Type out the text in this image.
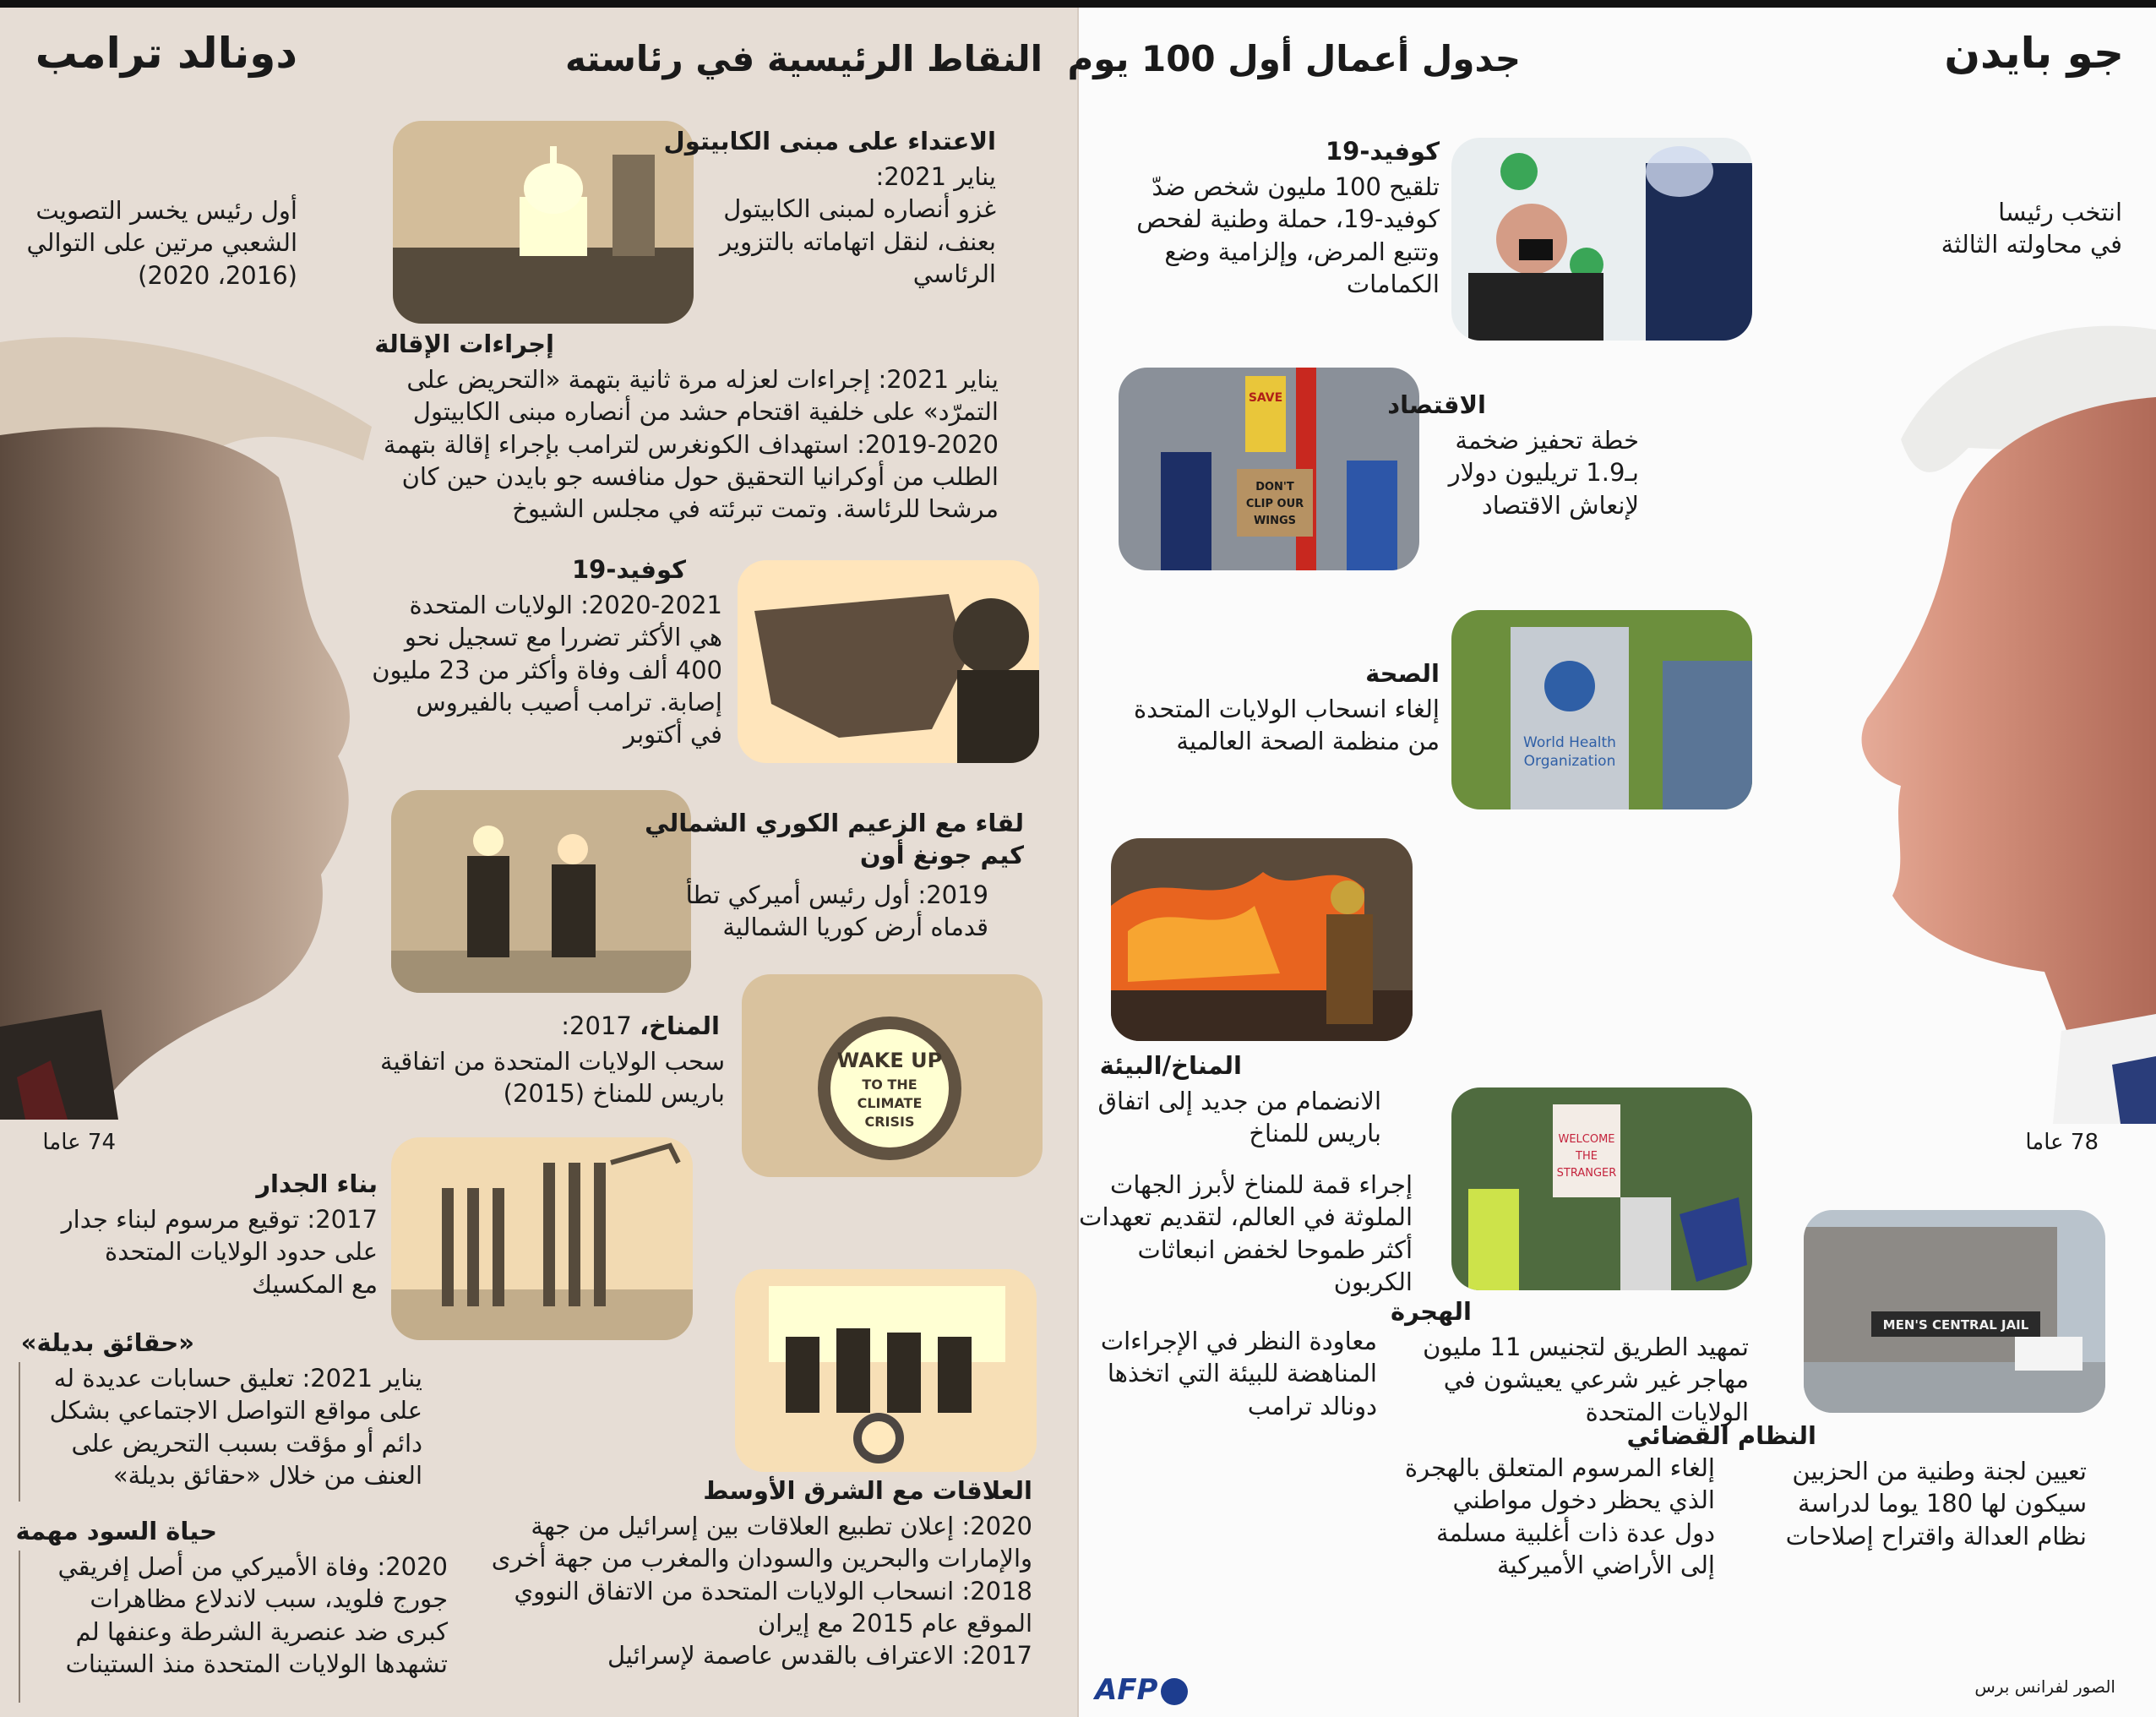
دونالد ترامب	النقاط الرئيسية في رئاسته جدول أعمال أول 100 يوم	جو بايدن
أول رئيس يخسر التصويت
الشعبي مرتين على التوالي
(2016، 2020)
انتخب رئيسا
في محاولته الثالثة
74 عاما	78 عاما
WAKE UP
TO THE
CLIMATE
CRISIS
SAVE
DON'T
CLIP OUR
WINGS
World Health
Organization
WELCOME
THE
STRANGER
MEN'S CENTRAL JAIL
الاعتداء على مبنى الكابيتول
يناير 2021:
غزو أنصاره لمبنى الكابيتول
بعنف، لنقل اتهاماته بالتزوير
الرئاسي
إجراءات الإقالة
يناير 2021: إجراءات لعزله مرة ثانية بتهمة «التحريض على
التمرّد» على خلفية اقتحام حشد من أنصاره مبنى الكابيتول
2019-2020: استهداف الكونغرس لترامب بإجراء إقالة بتهمة
الطلب من أوكرانيا التحقيق حول منافسه جو بايدن حين كان
مرشحا للرئاسة. وتمت تبرئته في مجلس الشيوخ
كوفيد-19
2020-2021: الولايات المتحدة
هي الأكثر تضررا مع تسجيل نحو
400 ألف وفاة وأكثر من 23 مليون
إصابة. ترامب أصيب بالفيروس
في أكتوبر
لقاء مع الزعيم الكوري الشمالي
كيم جونغ أون
2019: أول رئيس أميركي تطأ
قدماه أرض كوريا الشمالية
المناخ، 2017:
سحب الولايات المتحدة من اتفاقية
باريس للمناخ (2015)
بناء الجدار
2017: توقيع مرسوم لبناء جدار
على حدود الولايات المتحدة
مع المكسيك
«حقائق بديلة»
يناير 2021: تعليق حسابات عديدة له
على مواقع التواصل الاجتماعي بشكل
دائم أو مؤقت بسبب التحريض على
العنف من خلال «حقائق بديلة»
حياة السود مهمة
2020: وفاة الأميركي من أصل إفريقي
جورج فلويد، سبب لاندلاع مظاهرات
كبرى ضد عنصرية الشرطة وعنفها لم
تشهدها الولايات المتحدة منذ الستينات
العلاقات مع الشرق الأوسط
2020: إعلان تطبيع العلاقات بين إسرائيل من جهة
والإمارات والبحرين والسودان والمغرب من جهة أخرى
2018: انسحاب الولايات المتحدة من الاتفاق النووي
الموقع عام 2015 مع إيران
2017: الاعتراف بالقدس عاصمة لإسرائيل
كوفيد-19
تلقيح 100 مليون شخص ضدّ
كوفيد-19، حملة وطنية لفحص
وتتبع المرض، وإلزامية وضع
الكمامات
الاقتصاد
خطة تحفيز ضخمة
بـ1.9 تريليون دولار
لإنعاش الاقتصاد
الصحة
إلغاء انسحاب الولايات المتحدة
من منظمة الصحة العالمية
المناخ/البيئة
الانضمام من جديد إلى اتفاق
باريس للمناخ
إجراء قمة للمناخ لأبرز الجهات
الملوثة في العالم، لتقديم تعهدات
أكثر طموحا لخفض انبعاثات
الكربون
معاودة النظر في الإجراءات
المناهضة للبيئة التي اتخذها
دونالد ترامب
الهجرة
تمهيد الطريق لتجنيس 11 مليون
مهاجر غير شرعي يعيشون في
الولايات المتحدة
إلغاء المرسوم المتعلق بالهجرة
الذي يحظر دخول مواطني
دول عدة ذات أغلبية مسلمة
إلى الأراضي الأميركية
النظام القضائي
تعيين لجنة وطنية من الحزبين
سيكون لها 180 يوما لدراسة
نظام العدالة واقتراح إصلاحات
الصور لفرانس برس
AFP
